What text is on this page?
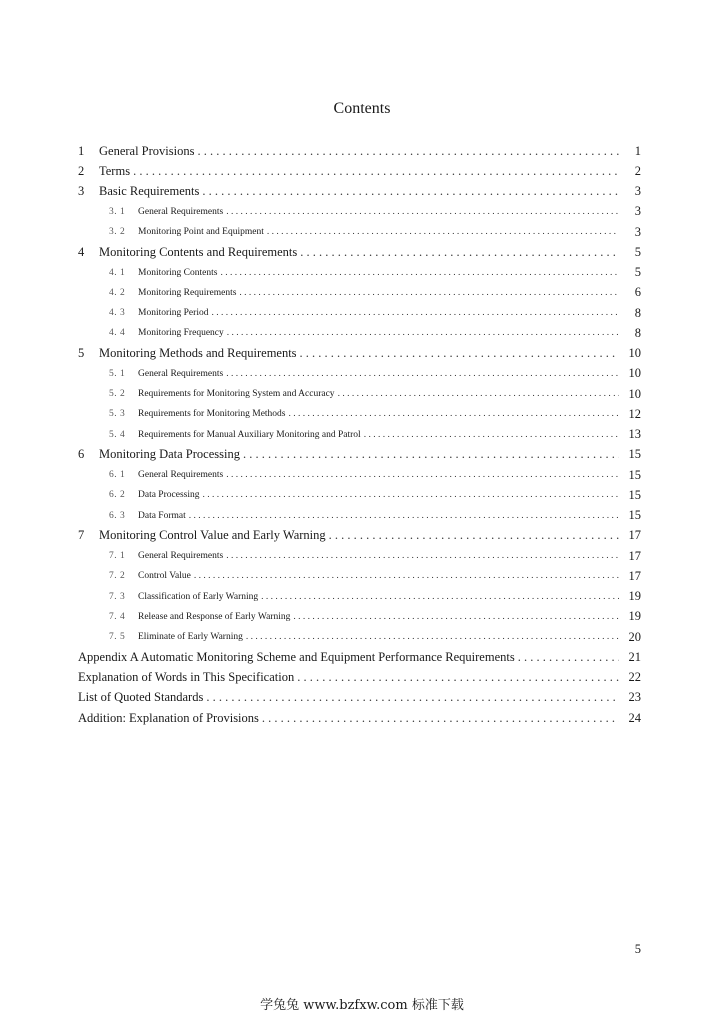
Contents
1 General Provisions . . .	1
2 Terms . . .	2
3 Basic Requirements . . .	3
3. 1 General Requirements . . .	3
3. 2 Monitoring Point and Equipment . . .	3
4 Monitoring Contents and Requirements . . .	5
4. 1 Monitoring Contents . . .	5
4. 2 Monitoring Requirements . . .	6
4. 3 Monitoring Period . . .	8
4. 4 Monitoring Frequency . . .	8
5 Monitoring Methods and Requirements . . .	10
5. 1 General Requirements . . .	10
5. 2 Requirements for Monitoring System and Accuracy . . .	10
5. 3 Requirements for Monitoring Methods . . .	12
5. 4 Requirements for Manual Auxiliary Monitoring and Patrol . . .	13
6 Monitoring Data Processing . . .	15
6. 1 General Requirements . . .	15
6. 2 Data Processing . . .	15
6. 3 Data Format . . .	15
7 Monitoring Control Value and Early Warning . . .	17
7. 1 General Requirements . . .	17
7. 2 Control Value . . .	17
7. 3 Classification of Early Warning . . .	19
7. 4 Release and Response of Early Warning . . .	19
7. 5 Eliminate of Early Warning . . .	20
Appendix A Automatic Monitoring Scheme and Equipment Performance Requirements . . .	21
Explanation of Words in This Specification . . .	22
List of Quoted Standards . . .	23
Addition: Explanation of Provisions . . .	24
5
学兔兔 www.bzfxw.com 标准下载
